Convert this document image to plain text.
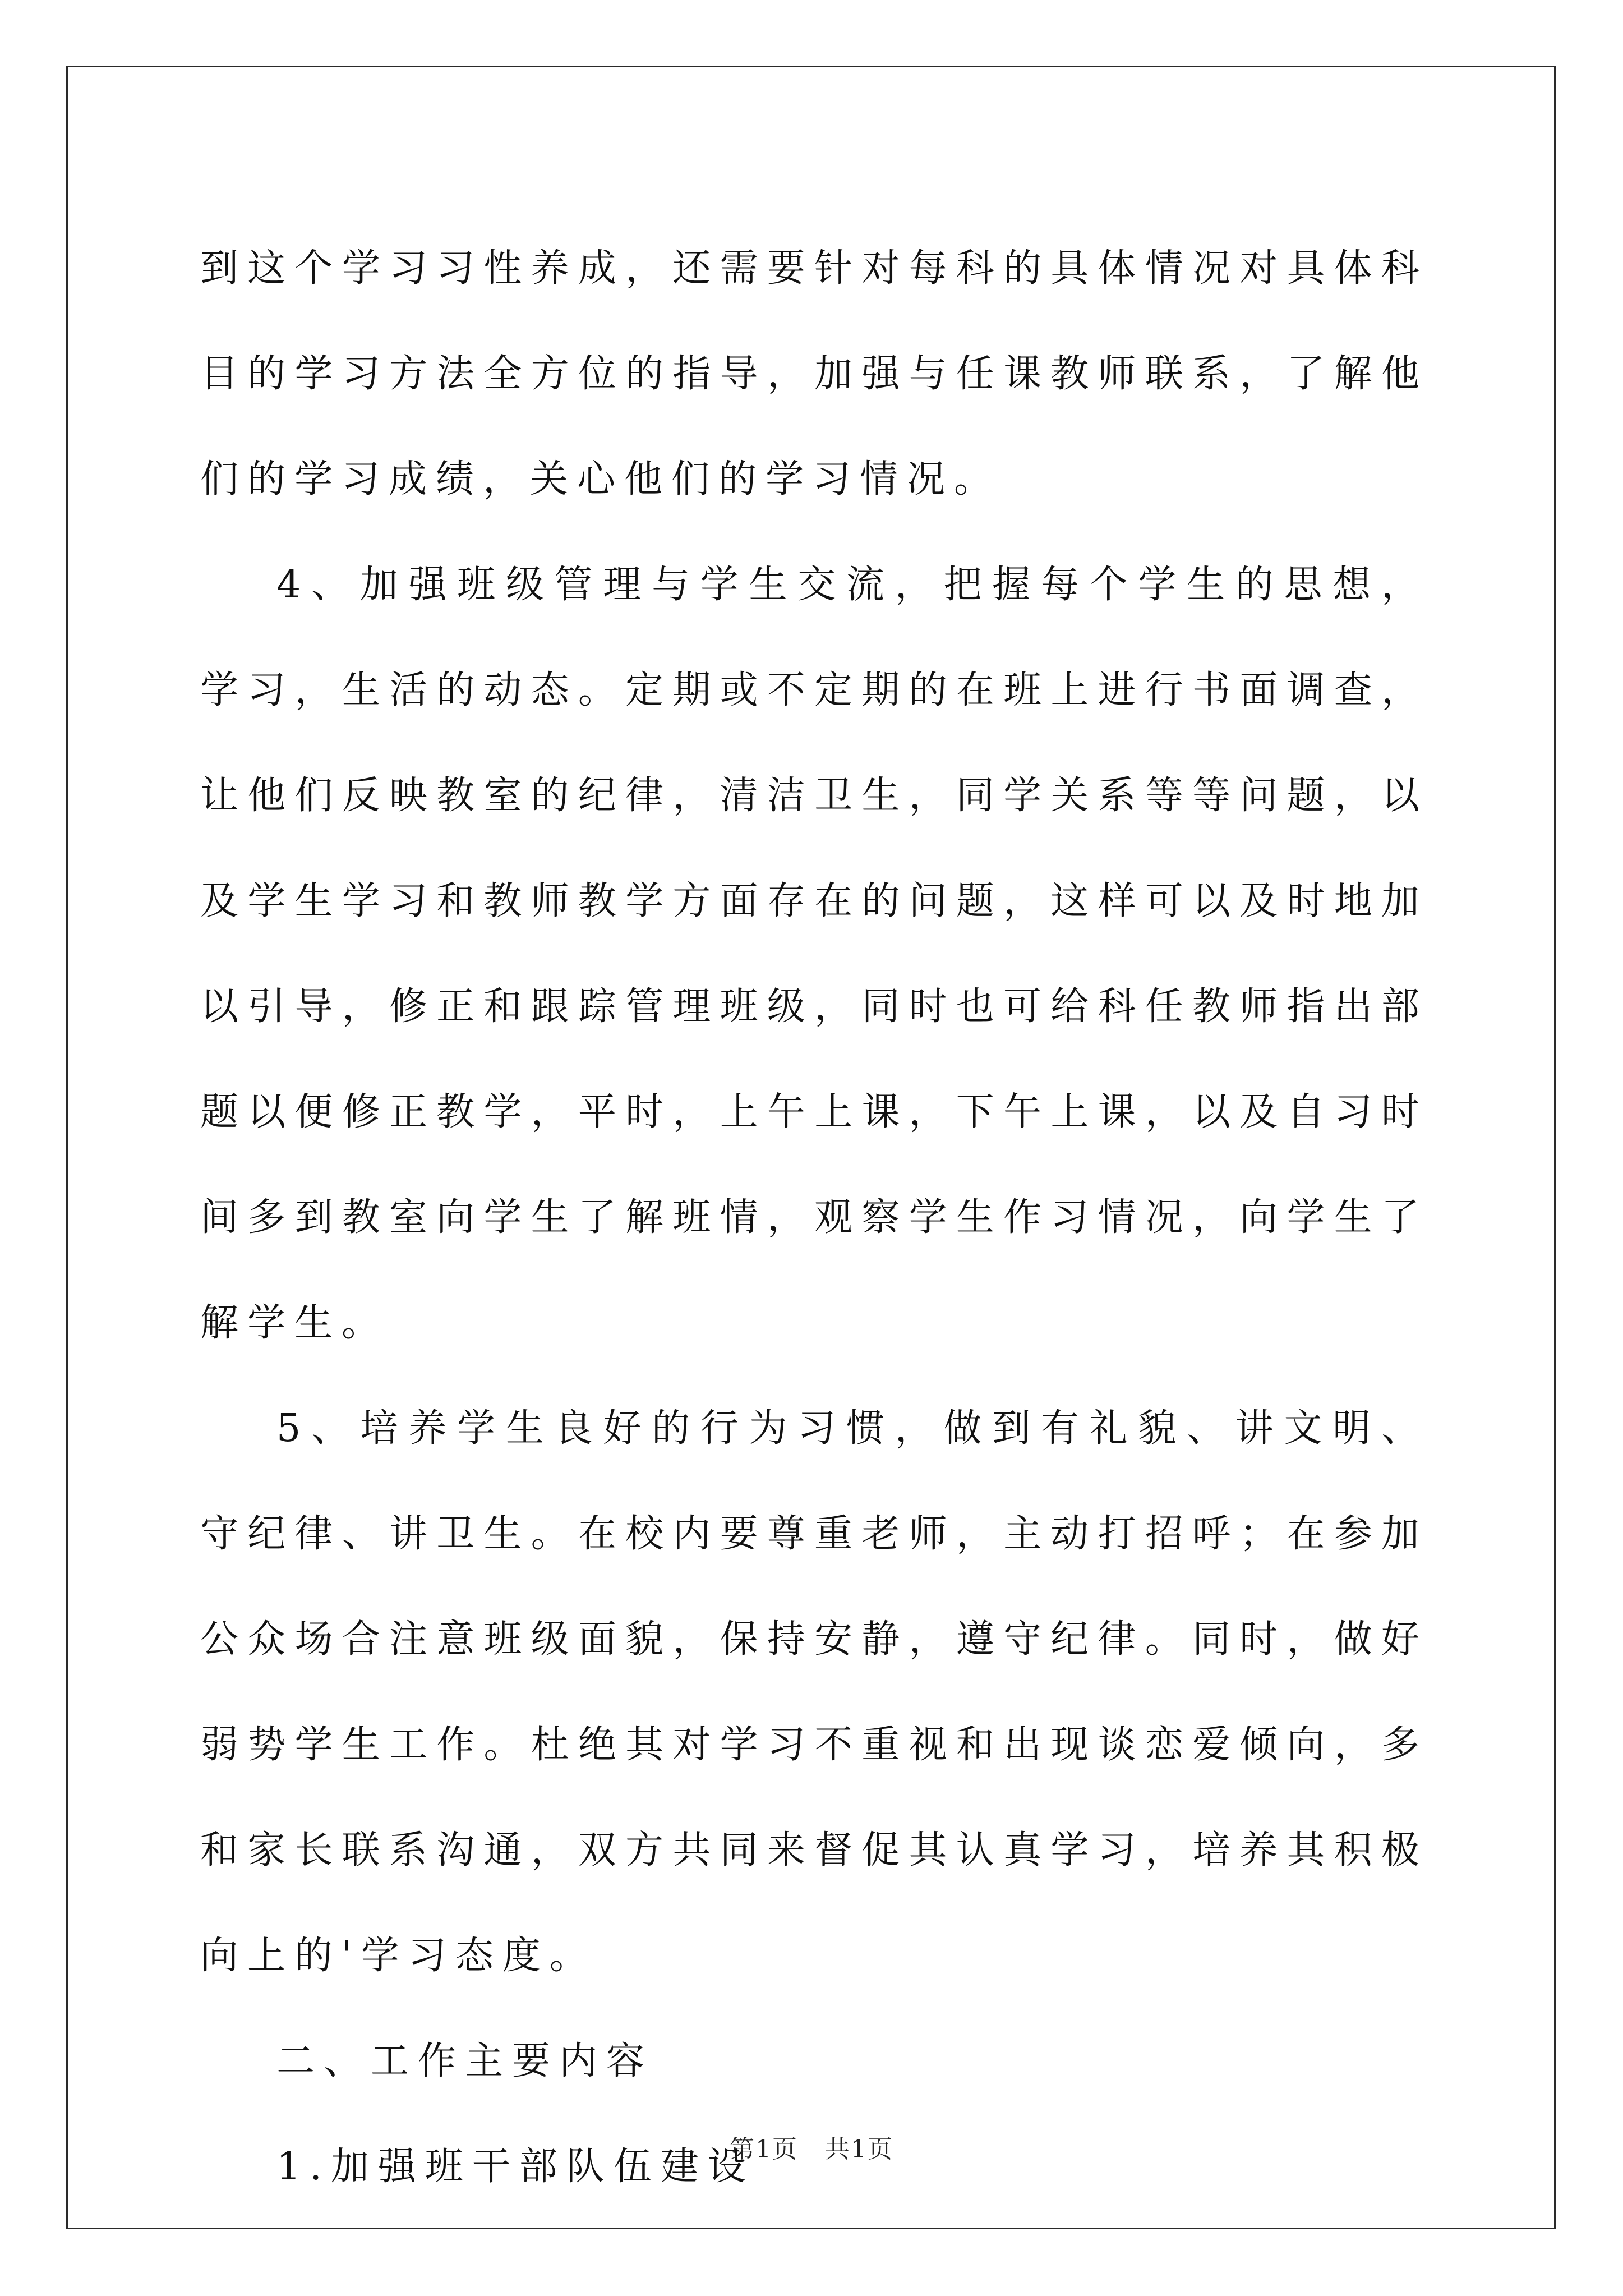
到这个学习习性养成，还需要针对每科的具体情况对具体科目的学习方法全方位的指导，加强与任课教师联系，了解他们的学习成绩，关心他们的学习情况。

4、加强班级管理与学生交流，把握每个学生的思想，学习，生活的动态。定期或不定期的在班上进行书面调查，让他们反映教室的纪律，清洁卫生，同学关系等等问题，以及学生学习和教师教学方面存在的问题，这样可以及时地加以引导，修正和跟踪管理班级，同时也可给科任教师指出部题以便修正教学，平时，上午上课，下午上课，以及自习时间多到教室向学生了解班情，观察学生作习情况，向学生了解学生。

5、培养学生良好的行为习惯，做到有礼貌、讲文明、守纪律、讲卫生。在校内要尊重老师，主动打招呼；在参加公众场合注意班级面貌，保持安静，遵守纪律。同时，做好弱势学生工作。杜绝其对学习不重视和出现谈恋爱倾向，多和家长联系沟通，双方共同来督促其认真学习，培养其积极向上的'学习态度。

二、工作主要内容

1.加强班干部队伍建设

第1页 共1页
